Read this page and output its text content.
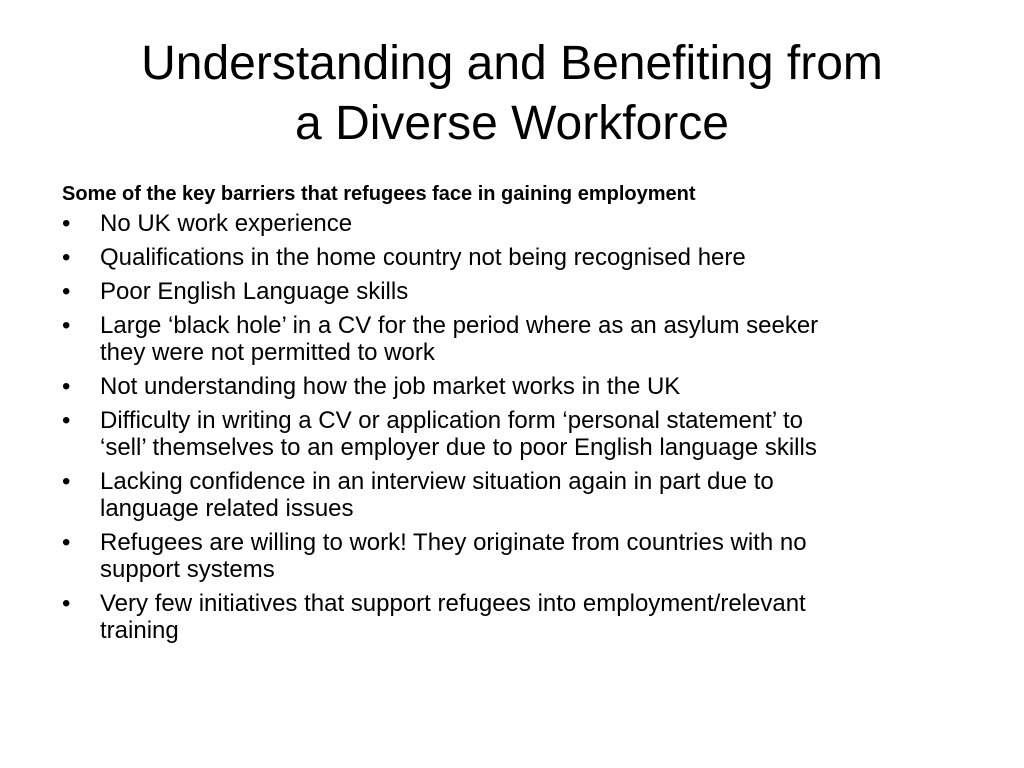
Understanding and Benefiting from
a Diverse Workforce

Some of the key barriers that refugees face in gaining employment

•	No UK work experience
•	Qualifications in the home country not being recognised here
•	Poor English Language skills
•	Large ‘black hole’ in a CV for the period where as an asylum seeker
they were not permitted to work
•	Not understanding how the job market works in the UK
•	Difficulty in writing a CV or application form ‘personal statement’ to
‘sell’ themselves to an employer due to poor English language skills
•	Lacking confidence in an interview situation again in part due to
language related issues
•	Refugees are willing to work! They originate from countries with no
support systems
•	Very few initiatives that support refugees into employment/relevant
training
